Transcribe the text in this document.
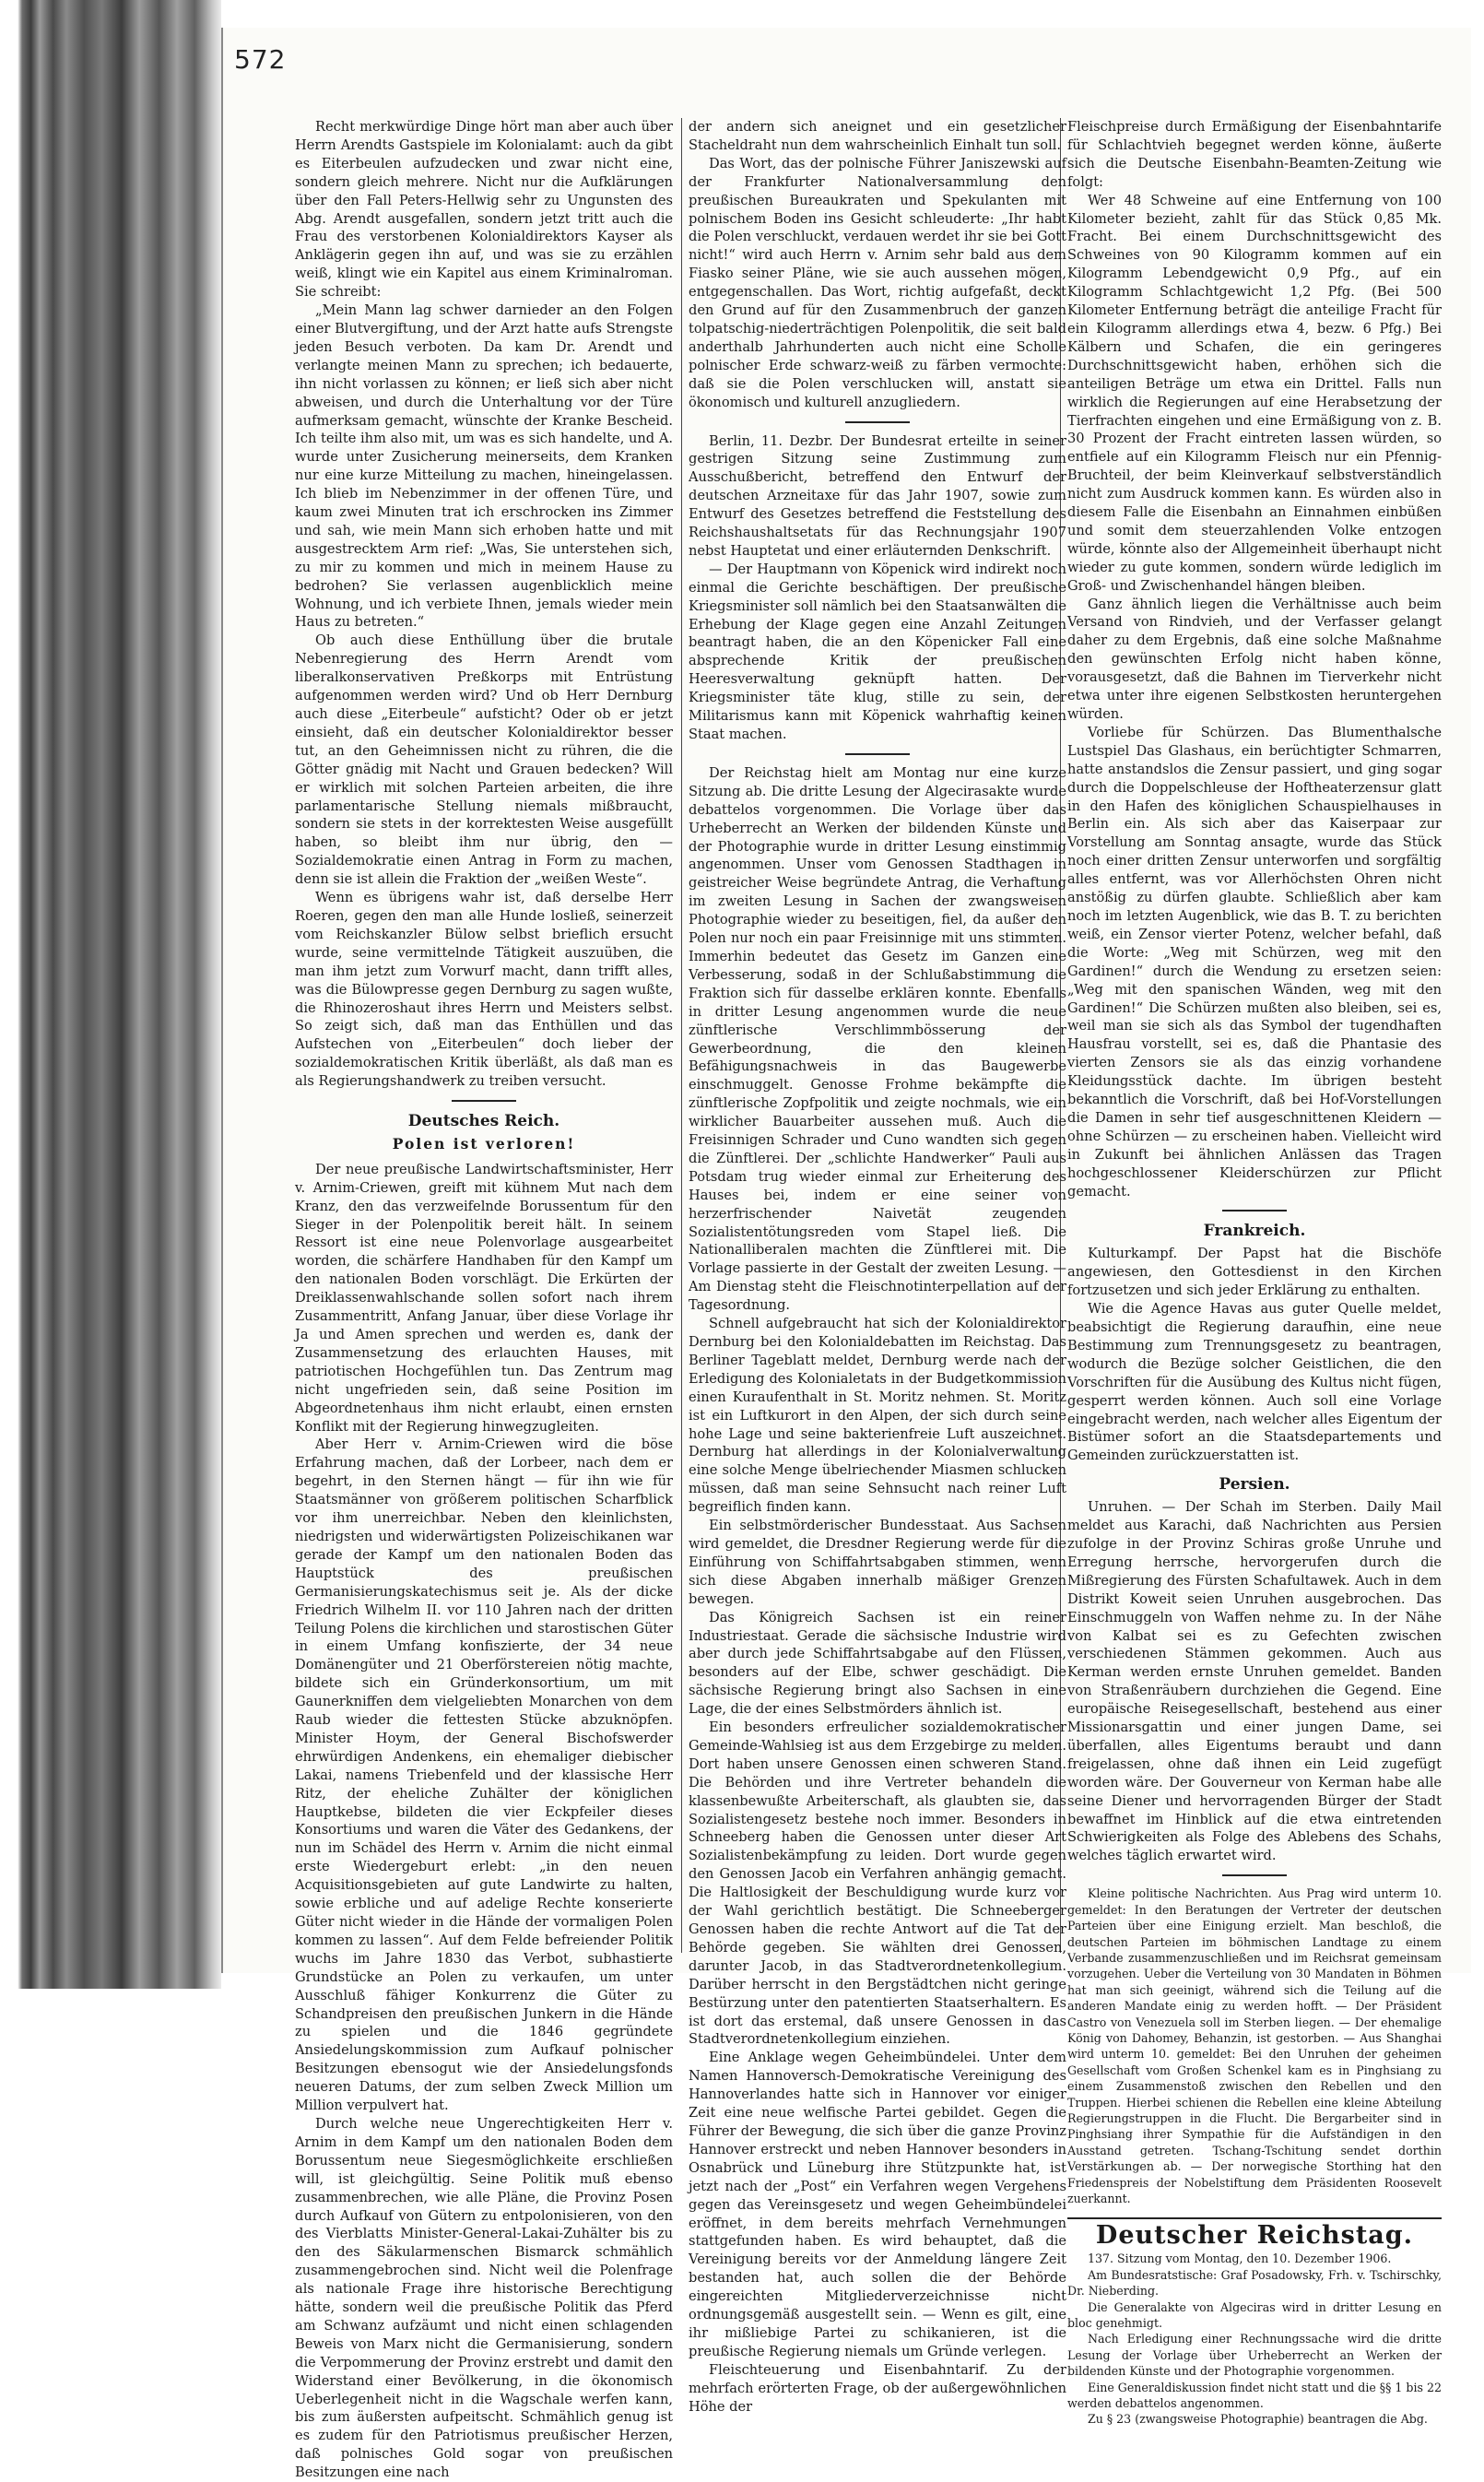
572

Recht merkwürdige Dinge hört man aber auch über Herrn Arendts Gastspiele im Kolonialamt: auch da gibt es Eiterbeulen aufzudecken und zwar nicht eine, sondern gleich mehrere. Nicht nur die Aufklärungen über den Fall Peters-Hellwig sehr zu Ungunsten des Abg. Arendt ausgefallen, sondern jetzt tritt auch die Frau des verstorbenen Kolonialdirektors Kayser als Anklägerin gegen ihn auf, und was sie zu erzählen weiß, klingt wie ein Kapitel aus einem Kriminalroman. Sie schreibt:

„Mein Mann lag schwer darnieder an den Folgen einer Blutvergiftung, und der Arzt hatte aufs Strengste jeden Besuch verboten. Da kam Dr. Arendt und verlangte meinen Mann zu sprechen; ich bedauerte, ihn nicht vorlassen zu können; er ließ sich aber nicht abweisen, und durch die Unterhaltung vor der Türe aufmerksam gemacht, wünschte der Kranke Bescheid. Ich teilte ihm also mit, um was es sich handelte, und A. wurde unter Zusicherung meinerseits, dem Kranken nur eine kurze Mitteilung zu machen, hineingelassen. Ich blieb im Nebenzimmer in der offenen Türe, und kaum zwei Minuten trat ich erschrocken ins Zimmer und sah, wie mein Mann sich erhoben hatte und mit ausgestrecktem Arm rief: „Was, Sie unterstehen sich, zu mir zu kommen und mich in meinem Hause zu bedrohen? Sie verlassen augenblicklich meine Wohnung, und ich verbiete Ihnen, jemals wieder mein Haus zu betreten.“

Ob auch diese Enthüllung über die brutale Nebenregierung des Herrn Arendt vom liberalkonservativen Preßkorps mit Entrüstung aufgenommen werden wird? Und ob Herr Dernburg auch diese „Eiterbeule“ aufsticht? Oder ob er jetzt einsieht, daß ein deutscher Kolonialdirektor besser tut, an den Geheimnissen nicht zu rühren, die die Götter gnädig mit Nacht und Grauen bedecken? Will er wirklich mit solchen Parteien arbeiten, die ihre parlamentarische Stellung niemals mißbraucht, sondern sie stets in der korrektesten Weise ausgefüllt haben, so bleibt ihm nur übrig, den — Sozialdemokratie einen Antrag in Form zu machen, denn sie ist allein die Fraktion der „weißen Weste“.

Wenn es übrigens wahr ist, daß derselbe Herr Roeren, gegen den man alle Hunde losließ, seinerzeit vom Reichskanzler Bülow selbst brieflich ersucht wurde, seine vermittelnde Tätigkeit auszuüben, die man ihm jetzt zum Vorwurf macht, dann trifft alles, was die Bülowpresse gegen Dernburg zu sagen wußte, die Rhinozeroshaut ihres Herrn und Meisters selbst. So zeigt sich, daß man das Enthüllen und das Aufstechen von „Eiterbeulen“ doch lieber der sozialdemokratischen Kritik überläßt, als daß man es als Regierungshandwerk zu treiben versucht.

Deutsches Reich.

Polen ist verloren!

Der neue preußische Landwirtschaftsminister, Herr v. Arnim-Criewen, greift mit kühnem Mut nach dem Kranz, den das verzweifelnde Borussentum für den Sieger in der Polenpolitik bereit hält. In seinem Ressort ist eine neue Polenvorlage ausgearbeitet worden, die schärfere Handhaben für den Kampf um den nationalen Boden vorschlägt. Die Erkürten der Dreiklassenwahlschande sollen sofort nach ihrem Zusammentritt, Anfang Januar, über diese Vorlage ihr Ja und Amen sprechen und werden es, dank der Zusammensetzung des erlauchten Hauses, mit patriotischen Hochgefühlen tun. Das Zentrum mag nicht ungefrieden sein, daß seine Position im Abgeordnetenhaus ihm nicht erlaubt, einen ernsten Konflikt mit der Regierung hinwegzugleiten.

Aber Herr v. Arnim-Criewen wird die böse Erfahrung machen, daß der Lorbeer, nach dem er begehrt, in den Sternen hängt — für ihn wie für Staatsmänner von größerem politischen Scharfblick vor ihm unerreichbar. Neben den kleinlichsten, niedrigsten und widerwärtigsten Polizeischikanen war gerade der Kampf um den nationalen Boden das Hauptstück des preußischen Germanisierungskatechismus seit je. Als der dicke Friedrich Wilhelm II. vor 110 Jahren nach der dritten Teilung Polens die kirchlichen und starostischen Güter in einem Umfang konfiszierte, der 34 neue Domänengüter und 21 Oberförstereien nötig machte, bildete sich ein Gründerkonsortium, um mit Gaunerkniffen dem vielgeliebten Monarchen von dem Raub wieder die fettesten Stücke abzuknöpfen. Minister Hoym, der General Bischofswerder ehrwürdigen Andenkens, ein ehemaliger diebischer Lakai, namens Triebenfeld und der klassische Herr Ritz, der eheliche Zuhälter der königlichen Hauptkebse, bildeten die vier Eckpfeiler dieses Konsortiums und waren die Väter des Gedankens, der nun im Schädel des Herrn v. Arnim die nicht einmal erste Wiedergeburt erlebt: „in den neuen Acquisitionsgebieten auf gute Landwirte zu halten, sowie erbliche und auf adelige Rechte konserierte Güter nicht wieder in die Hände der vormaligen Polen kommen zu lassen“. Auf dem Felde befreiender Politik wuchs im Jahre 1830 das Verbot, subhastierte Grundstücke an Polen zu verkaufen, um unter Ausschluß fähiger Konkurrenz die Güter zu Schandpreisen den preußischen Junkern in die Hände zu spielen und die 1846 gegründete Ansiedelungskommission zum Aufkauf polnischer Besitzungen ebensogut wie der Ansiedelungsfonds neueren Datums, der zum selben Zweck Million um Million verpulvert hat.

Durch welche neue Ungerechtigkeiten Herr v. Arnim in dem Kampf um den nationalen Boden dem Borussentum neue Siegesmöglichkeite erschließen will, ist gleichgültig. Seine Politik muß ebenso zusammenbrechen, wie alle Pläne, die Provinz Posen durch Aufkauf von Gütern zu entpolonisieren, von den des Vierblatts Minister-General-Lakai-Zuhälter bis zu den des Säkularmenschen Bismarck schmählich zusammengebrochen sind. Nicht weil die Polenfrage als nationale Frage ihre historische Berechtigung hätte, sondern weil die preußische Politik das Pferd am Schwanz aufzäumt und nicht einen schlagenden Beweis von Marx nicht die Germanisierung, sondern die Verpommerung der Provinz erstrebt und damit den Widerstand einer Bevölkerung, in die ökonomisch Ueberlegenheit nicht in die Wagschale werfen kann, bis zum äußersten aufpeitscht. Schmählich genug ist es zudem für den Patriotismus preußischer Herzen, daß polnisches Gold sogar von preußischen Besitzungen eine nach

der andern sich aneignet und ein gesetzlicher Stacheldraht nun dem wahrscheinlich Einhalt tun soll.

Das Wort, das der polnische Führer Janiszewski auf der Frankfurter Nationalversammlung den preußischen Bureaukraten und Spekulanten mit polnischem Boden ins Gesicht schleuderte: „Ihr habt die Polen verschluckt, verdauen werdet ihr sie bei Gott nicht!“ wird auch Herrn v. Arnim sehr bald aus dem Fiasko seiner Pläne, wie sie auch aussehen mögen, entgegenschallen. Das Wort, richtig aufgefaßt, deckt den Grund auf für den Zusammenbruch der ganzen tolpatschig-niederträchtigen Polenpolitik, die seit bald anderthalb Jahrhunderten auch nicht eine Scholle polnischer Erde schwarz-weiß zu färben vermochte: daß sie die Polen verschlucken will, anstatt sie ökonomisch und kulturell anzugliedern.

Berlin, 11. Dezbr. Der Bundesrat erteilte in seiner gestrigen Sitzung seine Zustimmung zum Ausschußbericht, betreffend den Entwurf der deutschen Arzneitaxe für das Jahr 1907, sowie zum Entwurf des Gesetzes betreffend die Feststellung des Reichshaushaltsetats für das Rechnungsjahr 1907 nebst Hauptetat und einer erläuternden Denkschrift.

— Der Hauptmann von Köpenick wird indirekt noch einmal die Gerichte beschäftigen. Der preußische Kriegsminister soll nämlich bei den Staatsanwälten die Erhebung der Klage gegen eine Anzahl Zeitungen beantragt haben, die an den Köpenicker Fall eine absprechende Kritik der preußischen Heeresverwaltung geknüpft hatten. Der Kriegsminister täte klug, stille zu sein, der Militarismus kann mit Köpenick wahrhaftig keinen Staat machen.

Der Reichstag hielt am Montag nur eine kurze Sitzung ab. Die dritte Lesung der Algecirasakte wurde debattelos vorgenommen. Die Vorlage über das Urheberrecht an Werken der bildenden Künste und der Photographie wurde in dritter Lesung einstimmig angenommen. Unser vom Genossen Stadthagen in geistreicher Weise begründete Antrag, die Verhaftung im zweiten Lesung in Sachen der zwangsweisen Photographie wieder zu beseitigen, fiel, da außer den Polen nur noch ein paar Freisinnige mit uns stimmten. Immerhin bedeutet das Gesetz im Ganzen eine Verbesserung, sodaß in der Schlußabstimmung die Fraktion sich für dasselbe erklären konnte. Ebenfalls in dritter Lesung angenommen wurde die neue zünftlerische Verschlimmbösserung der Gewerbeordnung, die den kleinen Befähigungsnachweis in das Baugewerbe einschmuggelt. Genosse Frohme bekämpfte die zünftlerische Zopfpolitik und zeigte nochmals, wie ein wirklicher Bauarbeiter aussehen muß. Auch die Freisinnigen Schrader und Cuno wandten sich gegen die Zünftlerei. Der „schlichte Handwerker“ Pauli aus Potsdam trug wieder einmal zur Erheiterung des Hauses bei, indem er eine seiner von herzerfrischender Naivetät zeugenden Sozialistentötungsreden vom Stapel ließ. Die Nationalliberalen machten die Zünftlerei mit. Die Vorlage passierte in der Gestalt der zweiten Lesung. — Am Dienstag steht die Fleischnotinterpellation auf der Tagesordnung.

Schnell aufgebraucht hat sich der Kolonialdirektor Dernburg bei den Kolonialdebatten im Reichstag. Das Berliner Tageblatt meldet, Dernburg werde nach der Erledigung des Kolonialetats in der Budgetkommission einen Kuraufenthalt in St. Moritz nehmen. St. Moritz ist ein Luftkurort in den Alpen, der sich durch seine hohe Lage und seine bakterienfreie Luft auszeichnet. Dernburg hat allerdings in der Kolonialverwaltung eine solche Menge übelriechender Miasmen schlucken müssen, daß man seine Sehnsucht nach reiner Luft begreiflich finden kann.

Ein selbstmörderischer Bundesstaat. Aus Sachsen wird gemeldet, die Dresdner Regierung werde für die Einführung von Schiffahrtsabgaben stimmen, wenn sich diese Abgaben innerhalb mäßiger Grenzen bewegen.

Das Königreich Sachsen ist ein reiner Industriestaat. Gerade die sächsische Industrie wird aber durch jede Schiffahrtsabgabe auf den Flüssen, besonders auf der Elbe, schwer geschädigt. Die sächsische Regierung bringt also Sachsen in eine Lage, die der eines Selbstmörders ähnlich ist.

Ein besonders erfreulicher sozialdemokratischer Gemeinde-Wahlsieg ist aus dem Erzgebirge zu melden. Dort haben unsere Genossen einen schweren Stand. Die Behörden und ihre Vertreter behandeln die klassenbewußte Arbeiterschaft, als glaubten sie, das Sozialistengesetz bestehe noch immer. Besonders in Schneeberg haben die Genossen unter dieser Art Sozialistenbekämpfung zu leiden. Dort wurde gegen den Genossen Jacob ein Verfahren anhängig gemacht. Die Haltlosigkeit der Beschuldigung wurde kurz vor der Wahl gerichtlich bestätigt. Die Schneeberger Genossen haben die rechte Antwort auf die Tat der Behörde gegeben. Sie wählten drei Genossen, darunter Jacob, in das Stadtverordnetenkollegium. Darüber herrscht in den Bergstädtchen nicht geringe Bestürzung unter den patentierten Staatserhaltern. Es ist dort das erstemal, daß unsere Genossen in das Stadtverordnetenkollegium einziehen.

Eine Anklage wegen Geheimbündelei. Unter dem Namen Hannoversch-Demokratische Vereinigung des Hannoverlandes hatte sich in Hannover vor einiger Zeit eine neue welfische Partei gebildet. Gegen die Führer der Bewegung, die sich über die ganze Provinz Hannover erstreckt und neben Hannover besonders in Osnabrück und Lüneburg ihre Stützpunkte hat, ist jetzt nach der „Post“ ein Verfahren wegen Vergehens gegen das Vereinsgesetz und wegen Geheimbündelei eröffnet, in dem bereits mehrfach Vernehmungen stattgefunden haben. Es wird behauptet, daß die Vereinigung bereits vor der Anmeldung längere Zeit bestanden hat, auch sollen die der Behörde eingereichten Mitgliederverzeichnisse nicht ordnungsgemäß ausgestellt sein. — Wenn es gilt, eine ihr mißliebige Partei zu schikanieren, ist die preußische Regierung niemals um Gründe verlegen.

Fleischteuerung und Eisenbahntarif. Zu der mehrfach erörterten Frage, ob der außergewöhnlichen Höhe der

Fleischpreise durch Ermäßigung der Eisenbahntarife für Schlachtvieh begegnet werden könne, äußerte sich die Deutsche Eisenbahn-Beamten-Zeitung wie folgt:

Wer 48 Schweine auf eine Entfernung von 100 Kilometer bezieht, zahlt für das Stück 0,85 Mk. Fracht. Bei einem Durchschnittsgewicht des Schweines von 90 Kilogramm kommen auf ein Kilogramm Lebendgewicht 0,9 Pfg., auf ein Kilogramm Schlachtgewicht 1,2 Pfg. (Bei 500 Kilometer Entfernung beträgt die anteilige Fracht für ein Kilogramm allerdings etwa 4, bezw. 6 Pfg.) Bei Kälbern und Schafen, die ein geringeres Durchschnittsgewicht haben, erhöhen sich die anteiligen Beträge um etwa ein Drittel. Falls nun wirklich die Regierungen auf eine Herabsetzung der Tierfrachten eingehen und eine Ermäßigung von z. B. 30 Prozent der Fracht eintreten lassen würden, so entfiele auf ein Kilogramm Fleisch nur ein Pfennig-Bruchteil, der beim Kleinverkauf selbstverständlich nicht zum Ausdruck kommen kann. Es würden also in diesem Falle die Eisenbahn an Einnahmen einbüßen und somit dem steuerzahlenden Volke entzogen würde, könnte also der Allgemeinheit überhaupt nicht wieder zu gute kommen, sondern würde lediglich im Groß- und Zwischenhandel hängen bleiben.

Ganz ähnlich liegen die Verhältnisse auch beim Versand von Rindvieh, und der Verfasser gelangt daher zu dem Ergebnis, daß eine solche Maßnahme den gewünschten Erfolg nicht haben könne, vorausgesetzt, daß die Bahnen im Tierverkehr nicht etwa unter ihre eigenen Selbstkosten heruntergehen würden.

Vorliebe für Schürzen. Das Blumenthalsche Lustspiel Das Glashaus, ein berüchtigter Schmarren, hatte anstandslos die Zensur passiert, und ging sogar durch die Doppelschleuse der Hoftheaterzensur glatt in den Hafen des königlichen Schauspielhauses in Berlin ein. Als sich aber das Kaiserpaar zur Vorstellung am Sonntag ansagte, wurde das Stück noch einer dritten Zensur unterworfen und sorgfältig alles entfernt, was vor Allerhöchsten Ohren nicht anstößig zu dürfen glaubte. Schließlich aber kam noch im letzten Augenblick, wie das B. T. zu berichten weiß, ein Zensor vierter Potenz, welcher befahl, daß die Worte: „Weg mit Schürzen, weg mit den Gardinen!“ durch die Wendung zu ersetzen seien: „Weg mit den spanischen Wänden, weg mit den Gardinen!“ Die Schürzen mußten also bleiben, sei es, weil man sie sich als das Symbol der tugendhaften Hausfrau vorstellt, sei es, daß die Phantasie des vierten Zensors sie als das einzig vorhandene Kleidungsstück dachte. Im übrigen besteht bekanntlich die Vorschrift, daß bei Hof-Vorstellungen die Damen in sehr tief ausgeschnittenen Kleidern — ohne Schürzen — zu erscheinen haben. Vielleicht wird in Zukunft bei ähnlichen Anlässen das Tragen hochgeschlossener Kleiderschürzen zur Pflicht gemacht.

Frankreich.

Kulturkampf. Der Papst hat die Bischöfe angewiesen, den Gottesdienst in den Kirchen fortzusetzen und sich jeder Erklärung zu enthalten.

Wie die Agence Havas aus guter Quelle meldet, beabsichtigt die Regierung daraufhin, eine neue Bestimmung zum Trennungsgesetz zu beantragen, wodurch die Bezüge solcher Geistlichen, die den Vorschriften für die Ausübung des Kultus nicht fügen, gesperrt werden können. Auch soll eine Vorlage eingebracht werden, nach welcher alles Eigentum der Bistümer sofort an die Staatsdepartements und Gemeinden zurückzuerstatten ist.

Persien.

Unruhen. — Der Schah im Sterben. Daily Mail meldet aus Karachi, daß Nachrichten aus Persien zufolge in der Provinz Schiras große Unruhe und Erregung herrsche, hervorgerufen durch die Mißregierung des Fürsten Schafultawek. Auch in dem Distrikt Koweit seien Unruhen ausgebrochen. Das Einschmuggeln von Waffen nehme zu. In der Nähe von Kalbat sei es zu Gefechten zwischen verschiedenen Stämmen gekommen. Auch aus Kerman werden ernste Unruhen gemeldet. Banden von Straßenräubern durchziehen die Gegend. Eine europäische Reisegesellschaft, bestehend aus einer Missionarsgattin und einer jungen Dame, sei überfallen, alles Eigentums beraubt und dann freigelassen, ohne daß ihnen ein Leid zugefügt worden wäre. Der Gouverneur von Kerman habe alle seine Diener und hervorragenden Bürger der Stadt bewaffnet im Hinblick auf die etwa eintretenden Schwierigkeiten als Folge des Ablebens des Schahs, welches täglich erwartet wird.

Kleine politische Nachrichten. Aus Prag wird unterm 10. gemeldet: In den Beratungen der Vertreter der deutschen Parteien über eine Einigung erzielt. Man beschloß, die deutschen Parteien im böhmischen Landtage zu einem Verbande zusammenzuschließen und im Reichsrat gemeinsam vorzugehen. Ueber die Verteilung von 30 Mandaten in Böhmen hat man sich geeinigt, während sich die Teilung auf die anderen Mandate einig zu werden hofft. — Der Präsident Castro von Venezuela soll im Sterben liegen. — Der ehemalige König von Dahomey, Behanzin, ist gestorben. — Aus Shanghai wird unterm 10. gemeldet: Bei den Unruhen der geheimen Gesellschaft vom Großen Schenkel kam es in Pinghsiang zu einem Zusammenstoß zwischen den Rebellen und den Truppen. Hierbei schienen die Rebellen eine kleine Abteilung Regierungstruppen in die Flucht. Die Bergarbeiter sind in Pinghsiang ihrer Sympathie für die Aufständigen in den Ausstand getreten. Tschang-Tschitung sendet dorthin Verstärkungen ab. — Der norwegische Storthing hat den Friedenspreis der Nobelstiftung dem Präsidenten Roosevelt zuerkannt.

Deutscher Reichstag.

137. Sitzung vom Montag, den 10. Dezember 1906.

Am Bundesratstische: Graf Posadowsky, Frh. v. Tschirschky, Dr. Nieberding.

Die Generalakte von Algeciras wird in dritter Lesung en bloc genehmigt.

Nach Erledigung einer Rechnungssache wird die dritte Lesung der Vorlage über Urheberrecht an Werken der bildenden Künste und der Photographie vorgenommen.

Eine Generaldiskussion findet nicht statt und die §§ 1 bis 22 werden debattelos angenommen.

Zu § 23 (zwangsweise Photographie) beantragen die Abg.
